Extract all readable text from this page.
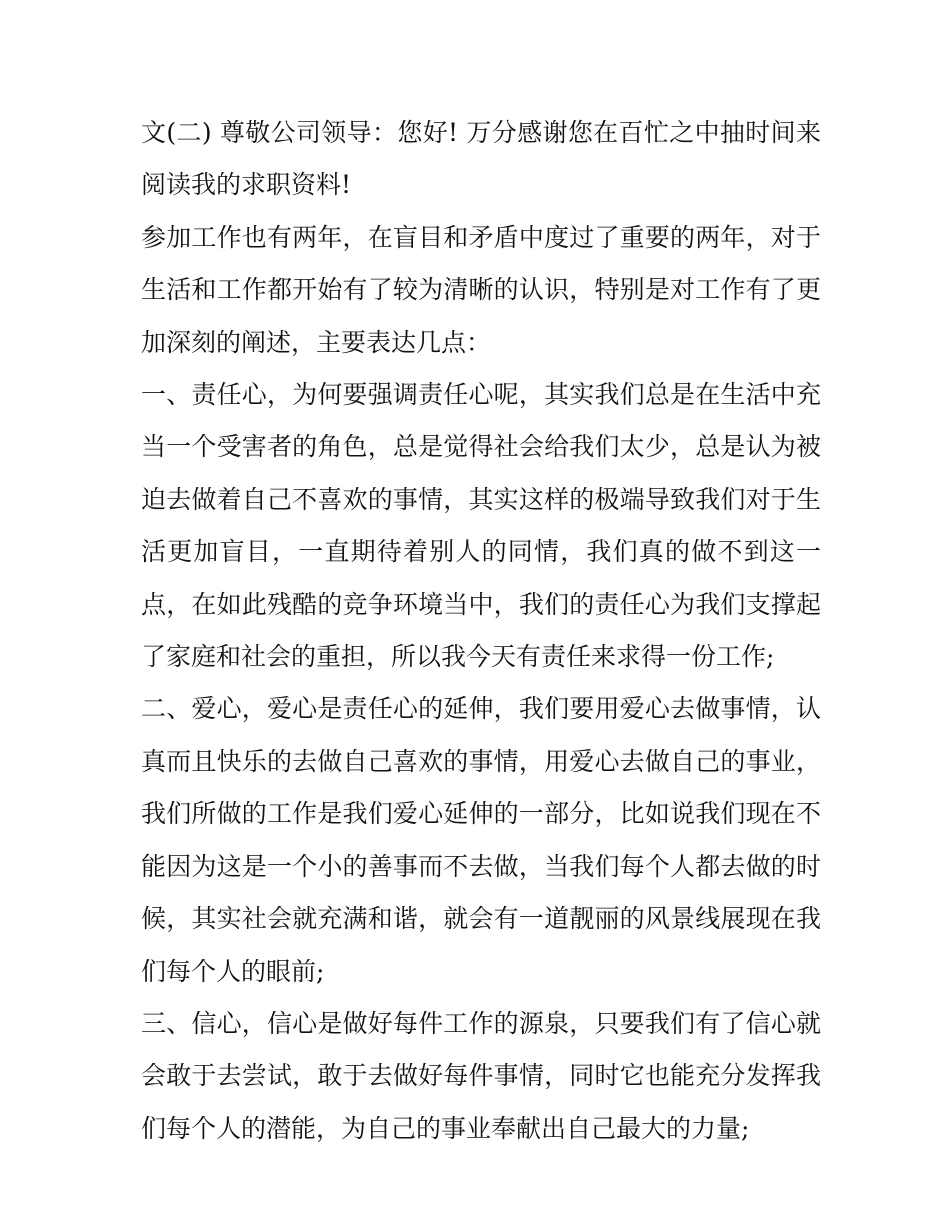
文(二) 尊敬公司领导：您好! 万分感谢您在百忙之中抽时间来阅读我的求职资料!

参加工作也有两年，在盲目和矛盾中度过了重要的两年，对于生活和工作都开始有了较为清晰的认识，特别是对工作有了更加深刻的阐述，主要表达几点：

一、责任心，为何要强调责任心呢，其实我们总是在生活中充当一个受害者的角色，总是觉得社会给我们太少，总是认为被迫去做着自己不喜欢的事情，其实这样的极端导致我们对于生活更加盲目，一直期待着别人的同情，我们真的做不到这一点，在如此残酷的竞争环境当中，我们的责任心为我们支撑起了家庭和社会的重担，所以我今天有责任来求得一份工作;

二、爱心，爱心是责任心的延伸，我们要用爱心去做事情，认真而且快乐的去做自己喜欢的事情，用爱心去做自己的事业，我们所做的工作是我们爱心延伸的一部分，比如说我们现在不能因为这是一个小的善事而不去做，当我们每个人都去做的时候，其实社会就充满和谐，就会有一道靓丽的风景线展现在我们每个人的眼前;

三、信心，信心是做好每件工作的源泉，只要我们有了信心就会敢于去尝试，敢于去做好每件事情，同时它也能充分发挥我们每个人的潜能，为自己的事业奉献出自己最大的力量;
